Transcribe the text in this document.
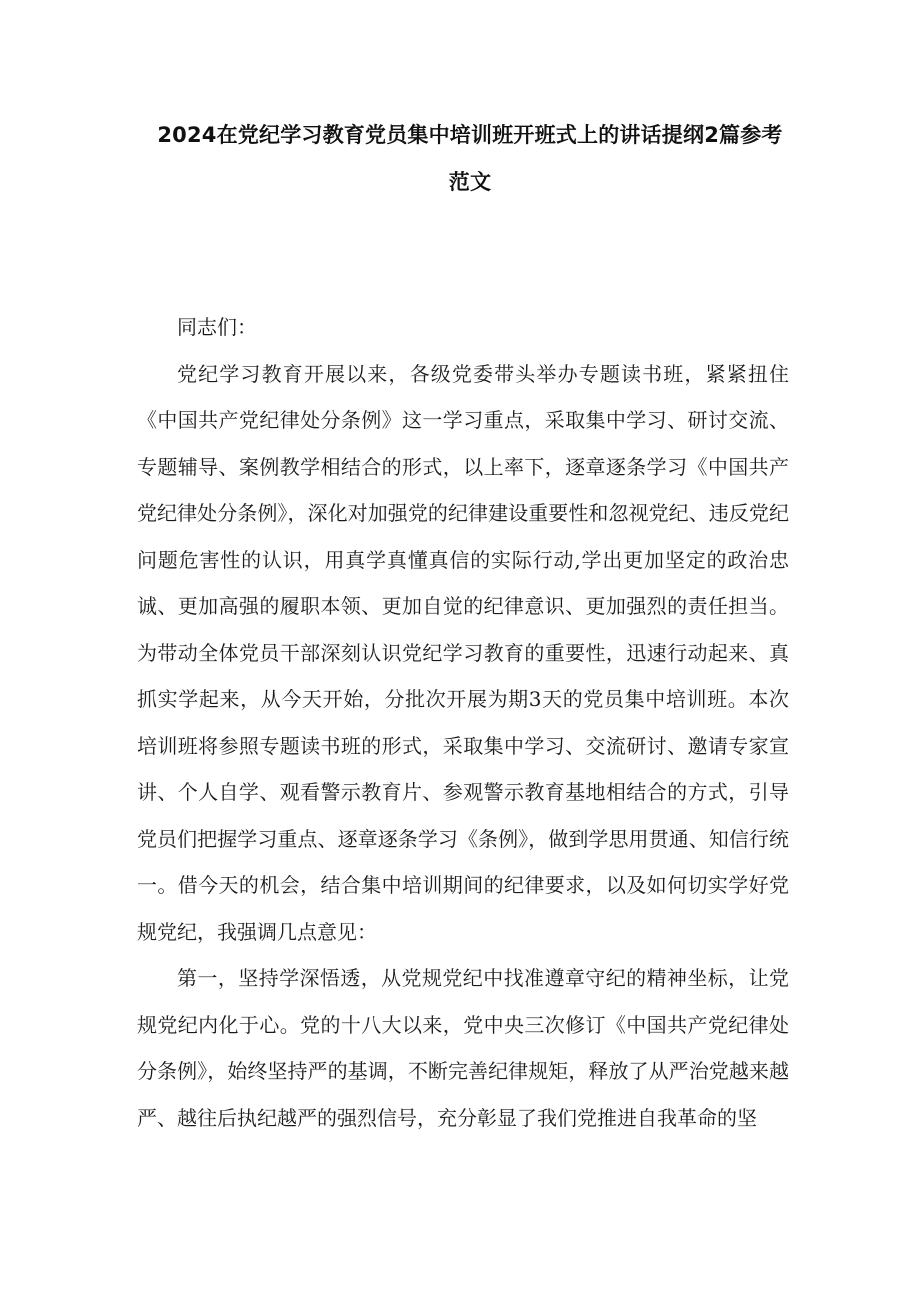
2024在党纪学习教育党员集中培训班开班式上的讲话提纲2篇参考范文

同志们：

党纪学习教育开展以来，各级党委带头举办专题读书班，紧紧扭住《中国共产党纪律处分条例》这一学习重点，采取集中学习、研讨交流、专题辅导、案例教学相结合的形式，以上率下，逐章逐条学习《中国共产党纪律处分条例》，深化对加强党的纪律建设重要性和忽视党纪、违反党纪问题危害性的认识，用真学真懂真信的实际行动,学出更加坚定的政治忠诚、更加高强的履职本领、更加自觉的纪律意识、更加强烈的责任担当。为带动全体党员干部深刻认识党纪学习教育的重要性，迅速行动起来、真抓实学起来，从今天开始，分批次开展为期3天的党员集中培训班。本次培训班将参照专题读书班的形式，采取集中学习、交流研讨、邀请专家宣讲、个人自学、观看警示教育片、参观警示教育基地相结合的方式，引导党员们把握学习重点、逐章逐条学习《条例》，做到学思用贯通、知信行统一。借今天的机会，结合集中培训期间的纪律要求，以及如何切实学好党规党纪，我强调几点意见：

第一，坚持学深悟透，从党规党纪中找准遵章守纪的精神坐标，让党规党纪内化于心。党的十八大以来，党中央三次修订《中国共产党纪律处分条例》，始终坚持严的基调，不断完善纪律规矩，释放了从严治党越来越严、越往后执纪越严的强烈信号，充分彰显了我们党推进自我革命的坚
